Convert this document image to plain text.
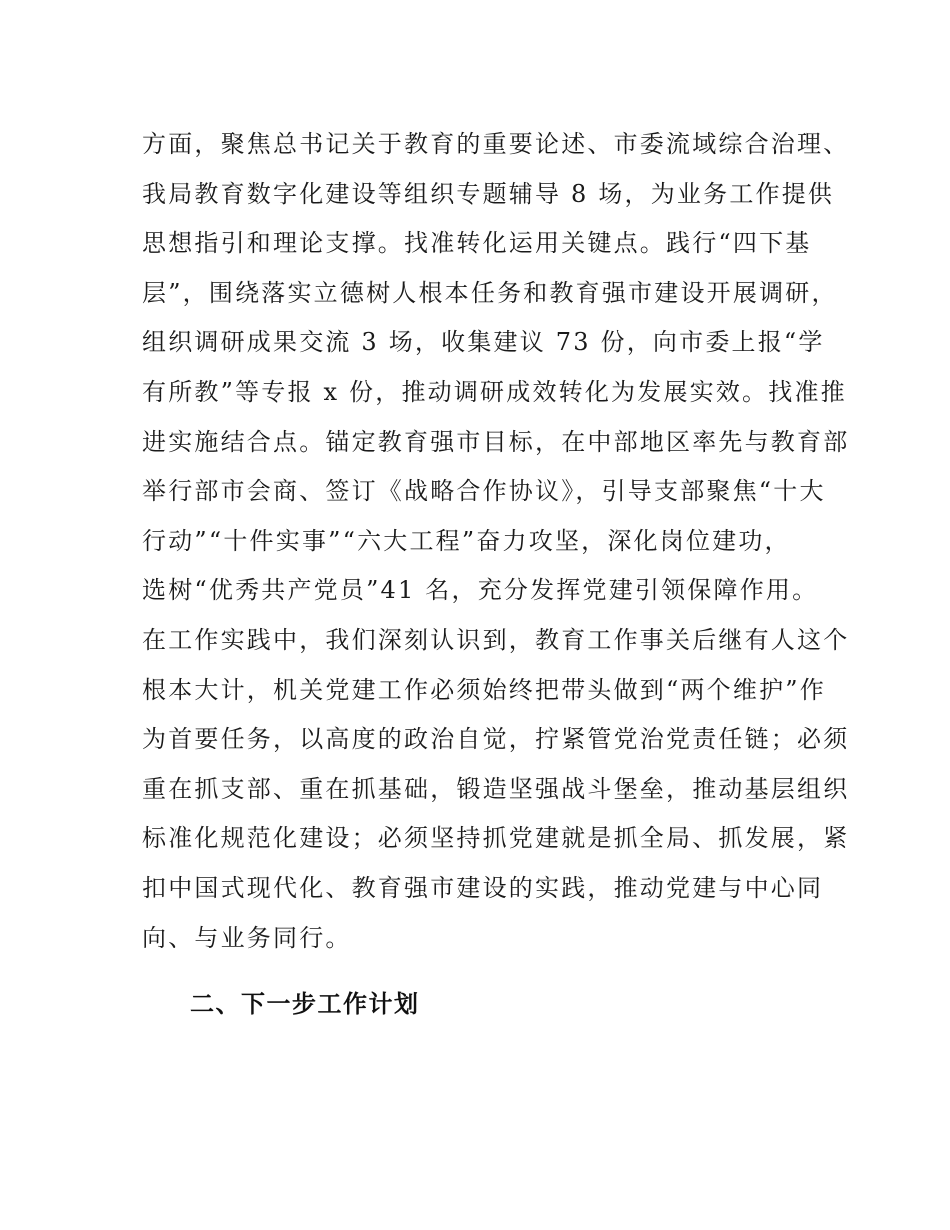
方面，聚焦总书记关于教育的重要论述、市委流域综合治理、
我局教育数字化建设等组织专题辅导 8 场，为业务工作提供
思想指引和理论支撑。找准转化运用关键点。践行“四下基
层”，围绕落实立德树人根本任务和教育强市建设开展调研，
组织调研成果交流 3 场，收集建议 73 份，向市委上报“学
有所教”等专报 x 份，推动调研成效转化为发展实效。找准推
进实施结合点。锚定教育强市目标，在中部地区率先与教育部
举行部市会商、签订《战略合作协议》，引导支部聚焦“十大
行动”“十件实事”“六大工程”奋力攻坚，深化岗位建功，
选树“优秀共产党员”41 名，充分发挥党建引领保障作用。
在工作实践中，我们深刻认识到，教育工作事关后继有人这个
根本大计，机关党建工作必须始终把带头做到“两个维护”作
为首要任务，以高度的政治自觉，拧紧管党治党责任链；必须
重在抓支部、重在抓基础，锻造坚强战斗堡垒，推动基层组织
标准化规范化建设；必须坚持抓党建就是抓全局、抓发展，紧
扣中国式现代化、教育强市建设的实践，推动党建与中心同
向、与业务同行。
二、下一步工作计划
